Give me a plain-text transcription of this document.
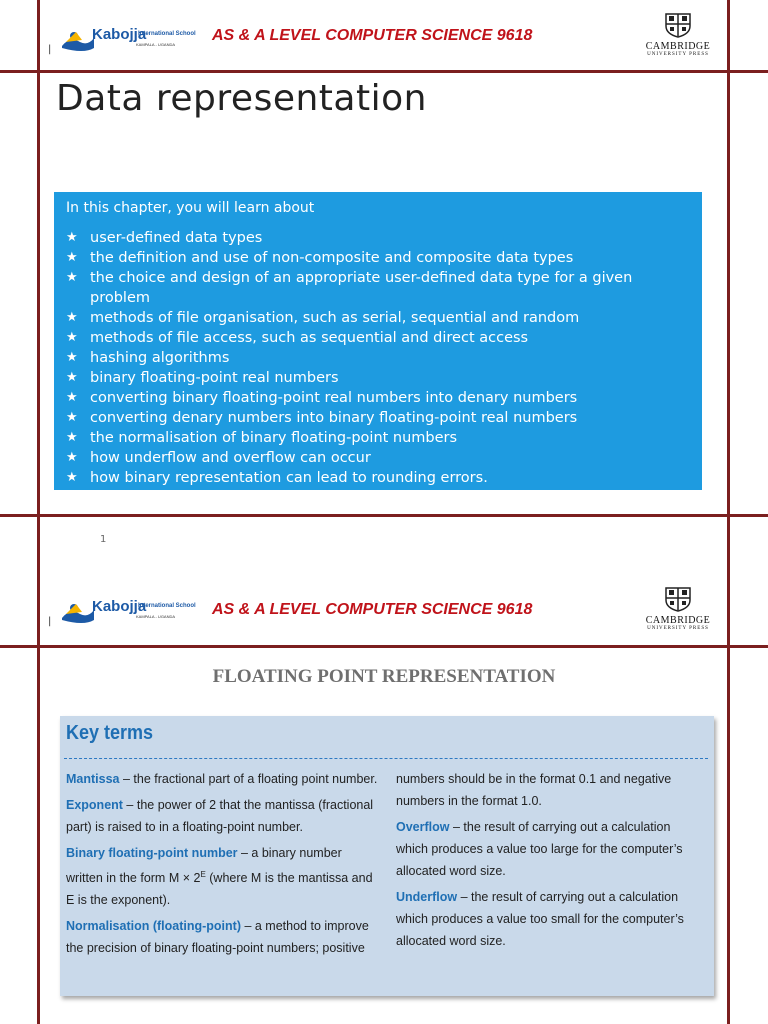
|
Kabojja
International School
KAMPALA - UGANDA
AS & A LEVEL COMPUTER SCIENCE 9618
CAMBRIDGE
UNIVERSITY PRESS
Data representation
In this chapter, you will learn about
★ user-defined data types
★ the definition and use of non-composite and composite data types
★ the choice and design of an appropriate user-defined data type for a given problem
★ methods of file organisation, such as serial, sequential and random
★ methods of file access, such as sequential and direct access
★ hashing algorithms
★ binary floating-point real numbers
★ converting binary floating-point real numbers into denary numbers
★ converting denary numbers into binary floating-point real numbers
★ the normalisation of binary floating-point numbers
★ how underflow and overflow can occur
★ how binary representation can lead to rounding errors.
1
|
Kabojja
International School
KAMPALA - UGANDA AS & A LEVEL COMPUTER SCIENCE 9618
CAMBRIDGE
UNIVERSITY PRESS
FLOATING POINT REPRESENTATION
Key terms

Mantissa – the fractional part of a floating point number.

Exponent – the power of 2 that the mantissa (fractional part) is raised to in a floating-point number.

Binary floating-point number – a binary number written in the form $M \times 2^E$ (where M is the mantissa and E is the exponent).

Normalisation (floating-point) – a method to improve the precision of binary floating-point numbers; positive

numbers should be in the format 0.1 and negative numbers in the format 1.0.

Overflow – the result of carrying out a calculation which produces a value too large for the computer’s allocated word size.

Underflow – the result of carrying out a calculation which produces a value too small for the computer’s allocated word size.
